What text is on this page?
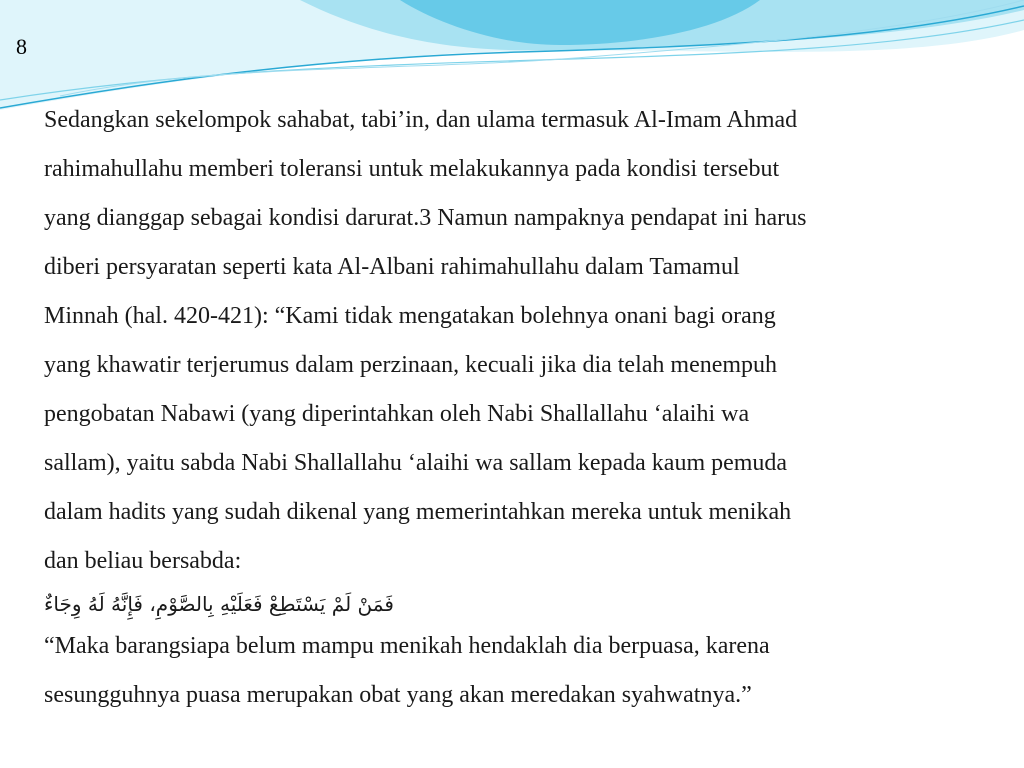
8

Sedangkan sekelompok sahabat, tabi’in, dan ulama termasuk Al-Imam Ahmad

rahimahullahu memberi toleransi untuk melakukannya pada kondisi tersebut

yang dianggap sebagai kondisi darurat.3 Namun nampaknya pendapat ini harus

diberi persyaratan seperti kata Al-Albani rahimahullahu dalam Tamamul

Minnah (hal. 420-421): “Kami tidak mengatakan bolehnya onani bagi orang

yang khawatir terjerumus dalam perzinaan, kecuali jika dia telah menempuh

pengobatan Nabawi (yang diperintahkan oleh Nabi Shallallahu ‘alaihi wa

sallam), yaitu sabda Nabi Shallallahu ‘alaihi wa sallam kepada kaum pemuda

dalam hadits yang sudah dikenal yang memerintahkan mereka untuk menikah

dan beliau bersabda:

فَمَنْ لَمْ يَسْتَطِعْ فَعَلَيْهِ بِالصَّوْمِ، فَإِنَّهُ لَهُ وِجَاءٌ

“Maka barangsiapa belum mampu menikah hendaklah dia berpuasa, karena

sesungguhnya puasa merupakan obat yang akan meredakan syahwatnya.”
